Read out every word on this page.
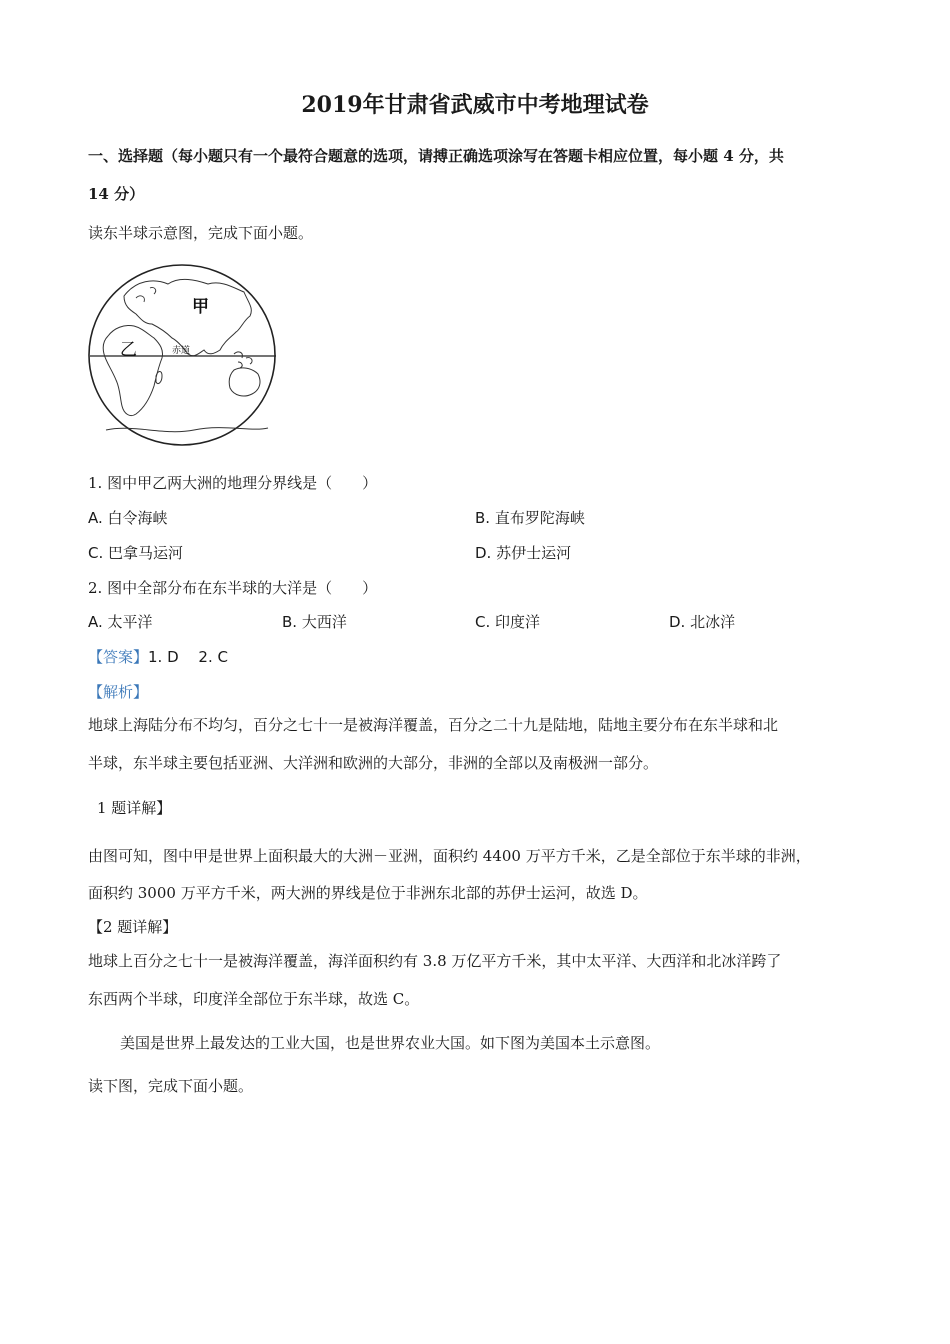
2019年甘肃省武威市中考地理试卷
一、选择题（每小题只有一个最符合题意的选项，请搏正确选项涂写在答题卡相应位置，每小题 4 分，共
14 分）
读东半球示意图，完成下面小题。
甲
乙	赤道
1. 图中甲乙两大洲的地理分界线是（　　）
A. 白令海峡	B. 直布罗陀海峡
C. 巴拿马运河	D. 苏伊士运河
2. 图中全部分布在东半球的大洋是（　　）
A. 太平洋	B. 大西洋	C. 印度洋	D. 北冰洋
【答案】1. D　 2. C
【解析】
地球上海陆分布不均匀，百分之七十一是被海洋覆盖，百分之二十九是陆地，陆地主要分布在东半球和北
半球，东半球主要包括亚洲、大洋洲和欧洲的大部分，非洲的全部以及南极洲一部分。
1 题详解】
由图可知，图中甲是世界上面积最大的大洲－亚洲，面积约 4400 万平方千米，乙是全部位于东半球的非洲，
面积约 3000 万平方千米，两大洲的界线是位于非洲东北部的苏伊士运河，故选 D。
【2 题详解】
地球上百分之七十一是被海洋覆盖，海洋面积约有 3.8 万亿平方千米，其中太平洋、大西洋和北冰洋跨了
东西两个半球，印度洋全部位于东半球，故选 C。
美国是世界上最发达的工业大国，也是世界农业大国。如下图为美国本土示意图。
读下图，完成下面小题。
